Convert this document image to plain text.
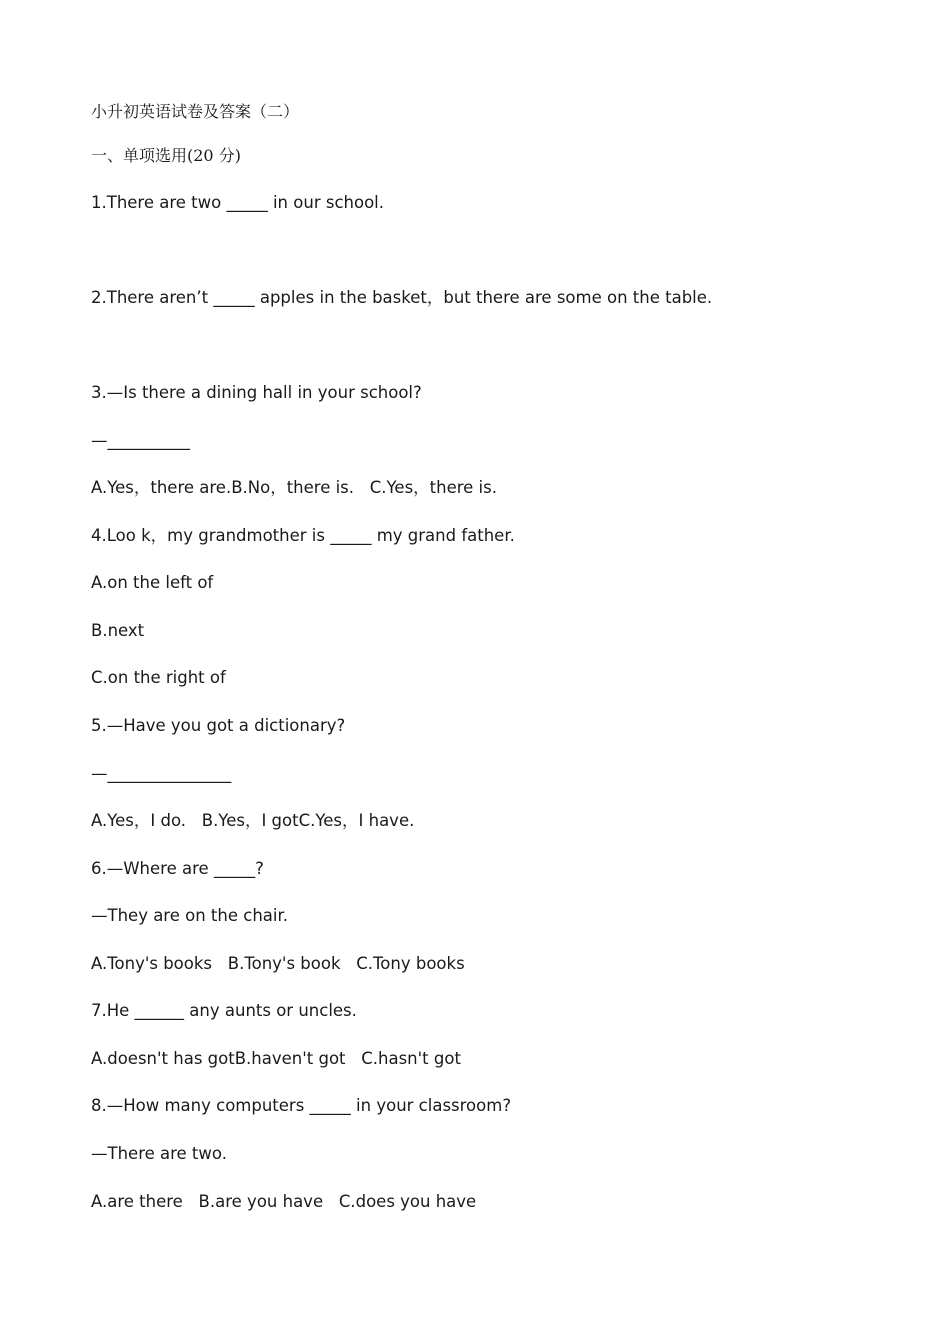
小升初英语试卷及答案（二）
一、单项选用(20 分)
1.There are two _____ in our school.
2.There aren’t _____ apples in the basket，but there are some on the table.
3.—Is there a dining hall in your school?
—__________
A.Yes，there are.B.No，there is.   C.Yes，there is.
4.Loo k，my grandmother is _____ my grand father.
A.on the left of
B.next
C.on the right of
5.—Have you got a dictionary?
—_______________
A.Yes，I do.   B.Yes，I gotC.Yes，I have.
6.—Where are _____?
—They are on the chair.
A.Tony's books   B.Tony's book   C.Tony books
7.He ______ any aunts or uncles.
A.doesn't has gotB.haven't got   C.hasn't got
8.—How many computers _____ in your classroom?
—There are two.
A.are there   B.are you have   C.does you have
